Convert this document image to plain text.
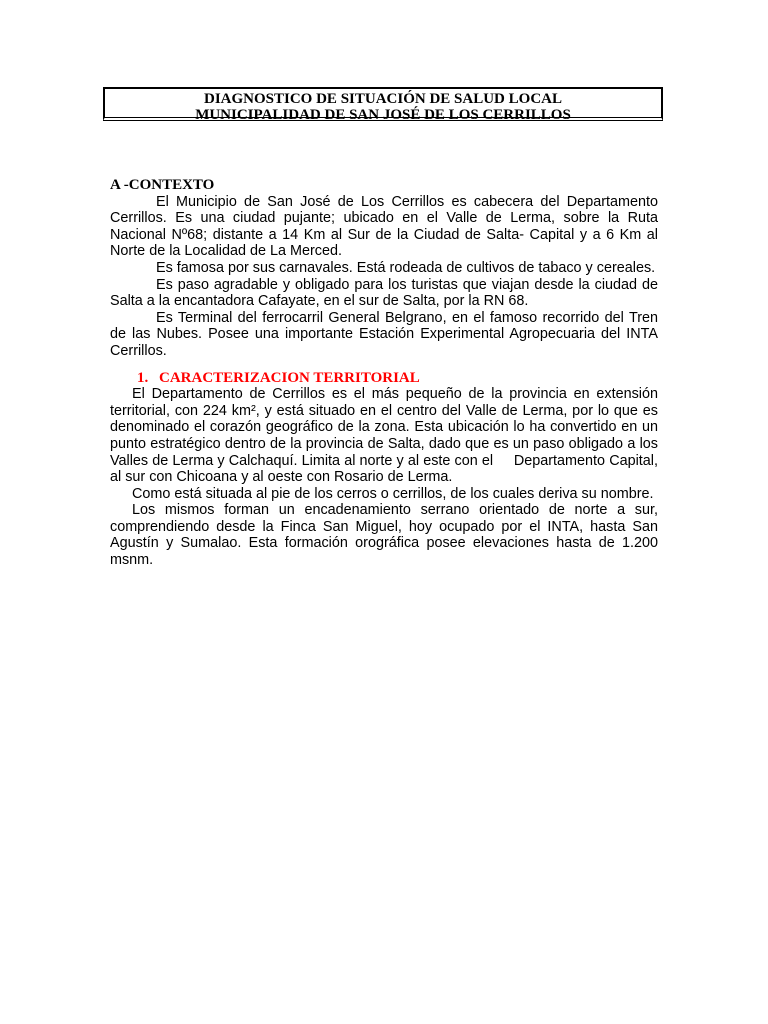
DIAGNOSTICO DE SITUACIÓN DE SALUD LOCAL
MUNICIPALIDAD DE SAN JOSÉ DE LOS CERRILLOS

A -CONTEXTO

El Municipio de San José de Los Cerrillos es cabecera del Departamento Cerrillos. Es una ciudad pujante; ubicado en el Valle de Lerma, sobre la Ruta Nacional Nº68; distante a 14 Km al Sur de la Ciudad de Salta- Capital y a 6 Km al Norte de la Localidad de La Merced.

Es famosa por sus carnavales. Está rodeada de cultivos de tabaco y cereales.

Es paso agradable y obligado para los turistas que viajan desde la ciudad de Salta a la encantadora Cafayate, en el sur de Salta, por la RN 68.

Es Terminal del ferrocarril General Belgrano, en el famoso recorrido del Tren de las Nubes. Posee una importante Estación Experimental Agropecuaria del INTA Cerrillos.

1. CARACTERIZACION TERRITORIAL

El Departamento de Cerrillos es el más pequeño de la provincia en extensión territorial, con 224 km², y está situado en el centro del Valle de Lerma, por lo que es denominado el corazón geográfico de la zona. Esta ubicación lo ha convertido en un punto estratégico dentro de la provincia de Salta, dado que es un paso obligado a los Valles de Lerma y Calchaquí. Limita al norte y al este con el     Departamento Capital, al sur con Chicoana y al oeste con Rosario de Lerma.

Como está situada al pie de los cerros o cerrillos, de los cuales deriva su nombre.

Los mismos forman un encadenamiento serrano orientado de norte a sur, comprendiendo desde la Finca San Miguel, hoy ocupado por el INTA, hasta San Agustín y Sumalao. Esta formación orográfica posee elevaciones hasta de 1.200 msnm.
